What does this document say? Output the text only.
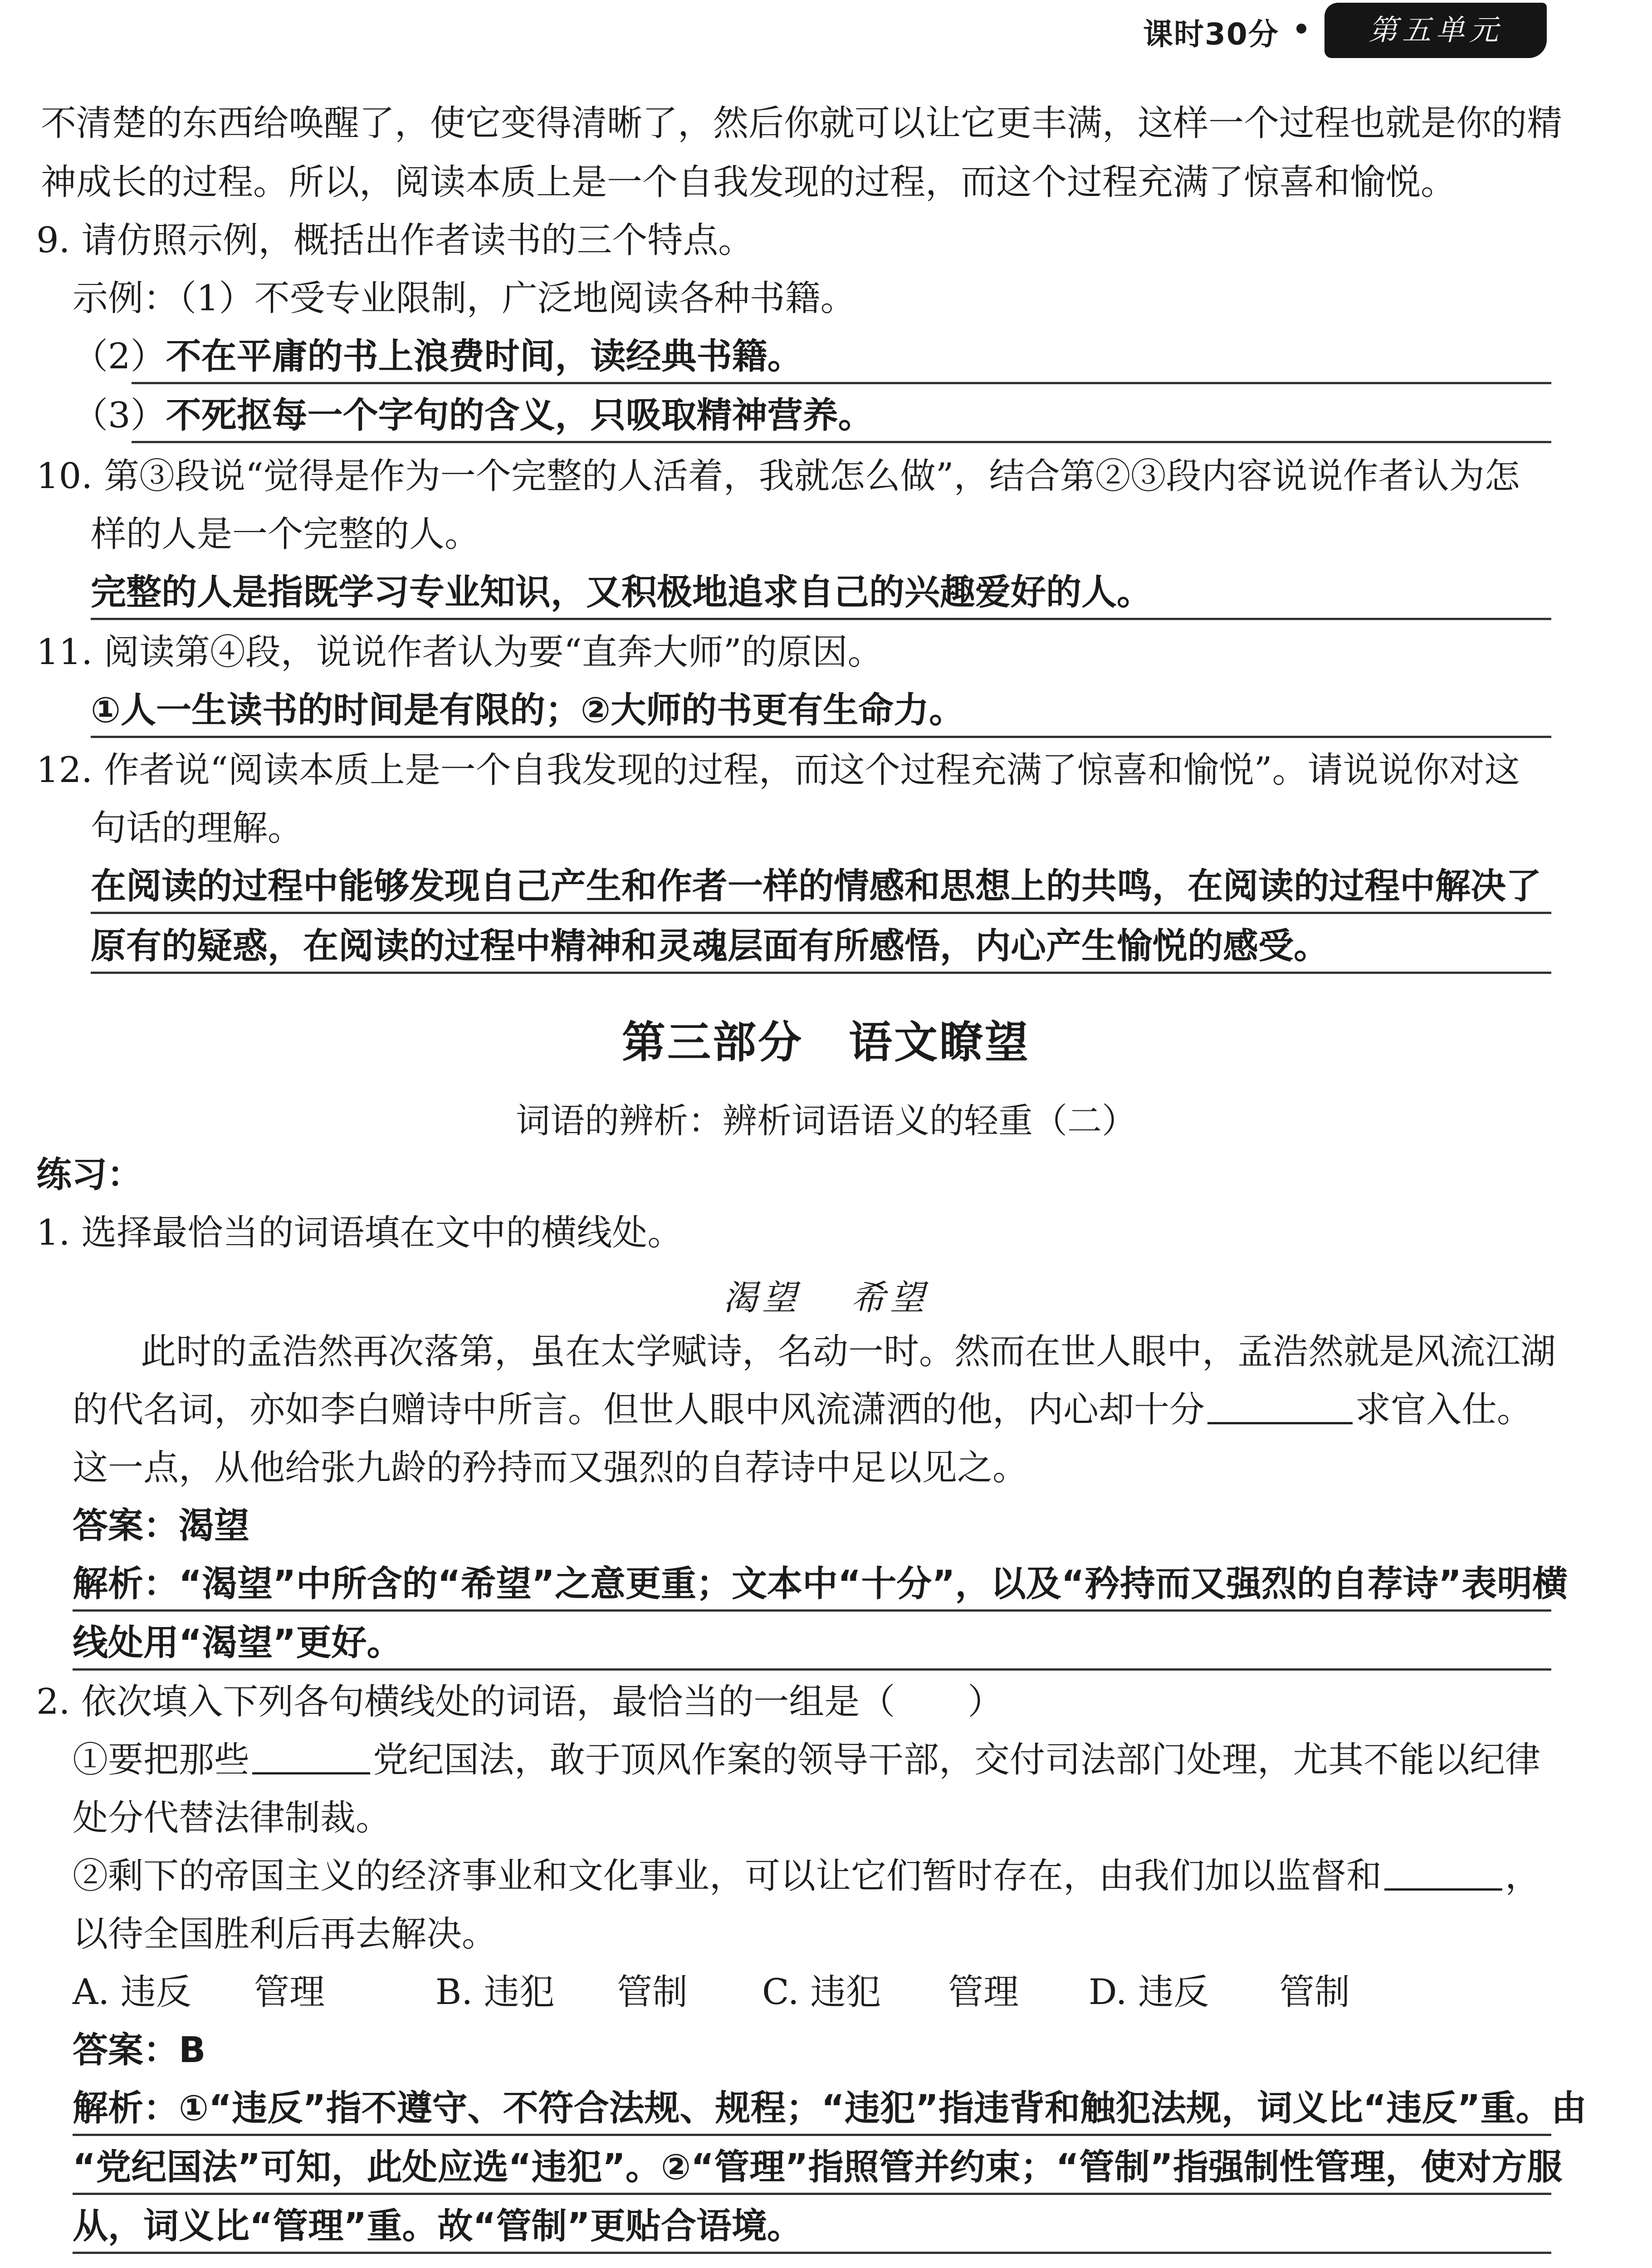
课时30分	第五单元
不清楚的东西给唤醒了，使它变得清晰了，然后你就可以让它更丰满，这样一个过程也就是你的精
神成长的过程。所以，阅读本质上是一个自我发现的过程，而这个过程充满了惊喜和愉悦。
9. 请仿照示例，概括出作者读书的三个特点。
示例：（1）不受专业限制，广泛地阅读各种书籍。
（2）不在平庸的书上浪费时间，读经典书籍。
（3）不死抠每一个字句的含义，只吸取精神营养。
10. 第③段说“觉得是作为一个完整的人活着，我就怎么做”，结合第②③段内容说说作者认为怎
样的人是一个完整的人。
完整的人是指既学习专业知识，又积极地追求自己的兴趣爱好的人。
11. 阅读第④段，说说作者认为要“直奔大师”的原因。
①人一生读书的时间是有限的；②大师的书更有生命力。
12. 作者说“阅读本质上是一个自我发现的过程，而这个过程充满了惊喜和愉悦”。请说说你对这
句话的理解。
在阅读的过程中能够发现自己产生和作者一样的情感和思想上的共鸣，在阅读的过程中解决了
原有的疑惑，在阅读的过程中精神和灵魂层面有所感悟，内心产生愉悦的感受。
第三部分　语文瞭望
词语的辨析：辨析词语语义的轻重（二）
练习：
1. 选择最恰当的词语填在文中的横线处。
渴望 希望
此时的孟浩然再次落第，虽在太学赋诗，名动一时。然而在世人眼中，孟浩然就是风流江湖
的代名词，亦如李白赠诗中所言。但世人眼中风流潇洒的他，内心却十分	求官入仕。
这一点，从他给张九龄的矜持而又强烈的自荐诗中足以见之。
答案：渴望
解析：“渴望”中所含的“希望”之意更重；文本中“十分”，以及“矜持而又强烈的自荐诗”表明横
线处用“渴望”更好。
2. 依次填入下列各句横线处的词语，最恰当的一组是（ ）
①要把那些	党纪国法，敢于顶风作案的领导干部，交付司法部门处理，尤其不能以纪律
处分代替法律制裁。
②剩下的帝国主义的经济事业和文化事业，可以让它们暂时存在，由我们加以监督和	，
以待全国胜利后再去解决。
A. 违反 管理	B. 违犯 管制 C. 违犯 管理 D. 违反 管制
答案：B
解析：①“违反”指不遵守、不符合法规、规程；“违犯”指违背和触犯法规，词义比“违反”重。由
“党纪国法”可知，此处应选“违犯”。②“管理”指照管并约束；“管制”指强制性管理，使对方服
从，词义比“管理”重。故“管制”更贴合语境。
